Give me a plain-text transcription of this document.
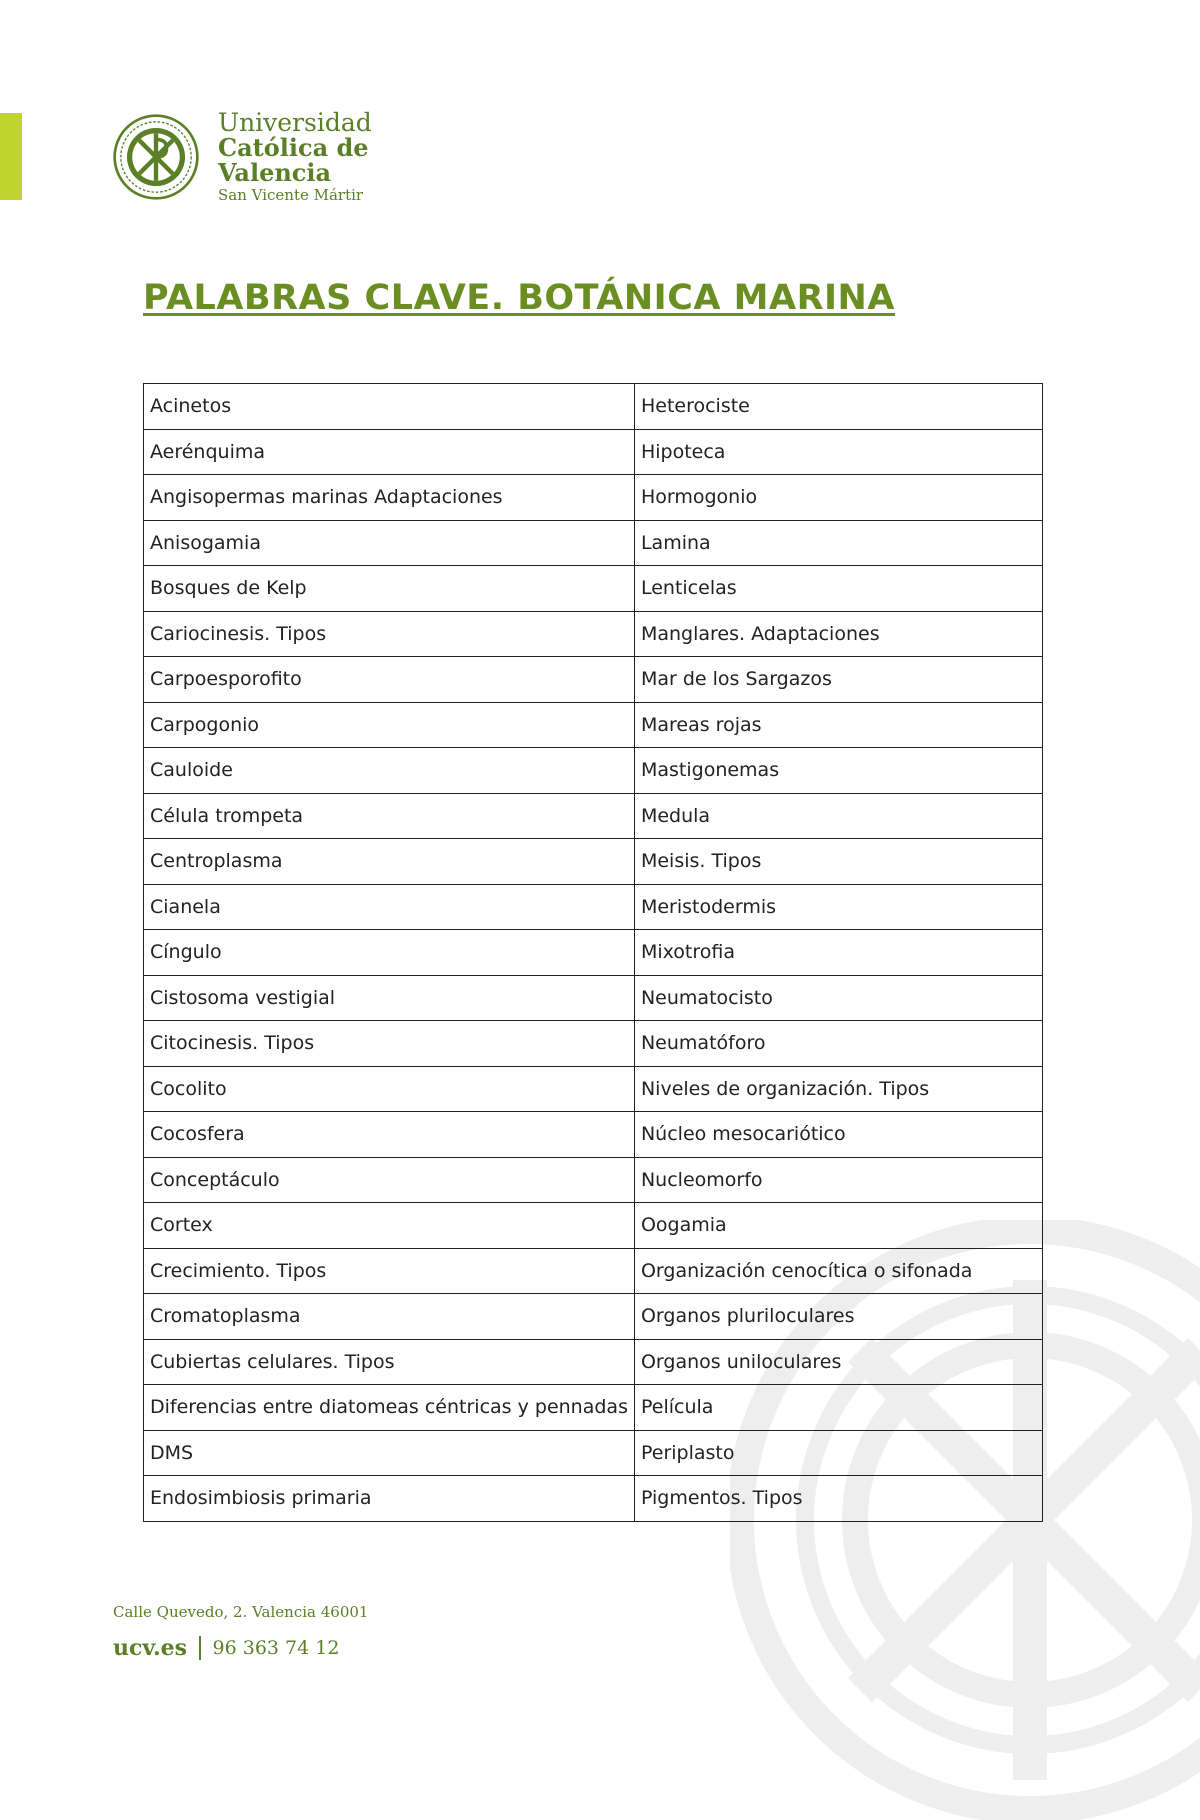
Universidad
Católica de
Valencia
San Vicente Mártir
PALABRAS CLAVE. BOTÁNICA MARINA
Acinetos	Heterociste
Aerénquima	Hipoteca
Angisopermas marinas Adaptaciones	Hormogonio
Anisogamia	Lamina
Bosques de Kelp	Lenticelas
Cariocinesis. Tipos	Manglares. Adaptaciones
Carpoesporofito	Mar de los Sargazos
Carpogonio	Mareas rojas
Cauloide	Mastigonemas
Célula trompeta	Medula
Centroplasma	Meisis. Tipos
Cianela	Meristodermis
Cíngulo	Mixotrofia
Cistosoma vestigial	Neumatocisto
Citocinesis. Tipos	Neumatóforo
Cocolito	Niveles de organización. Tipos
Cocosfera	Núcleo mesocariótico
Conceptáculo	Nucleomorfo
Cortex	Oogamia
Crecimiento. Tipos	Organización cenocítica o sifonada
Cromatoplasma	Organos pluriloculares
Cubiertas celulares. Tipos	Organos uniloculares
Diferencias entre diatomeas céntricas y pennadas	Película
DMS	Periplasto
Endosimbiosis primaria	Pigmentos. Tipos
Calle Quevedo, 2. Valencia 46001
ucv.es 96 363 74 12
